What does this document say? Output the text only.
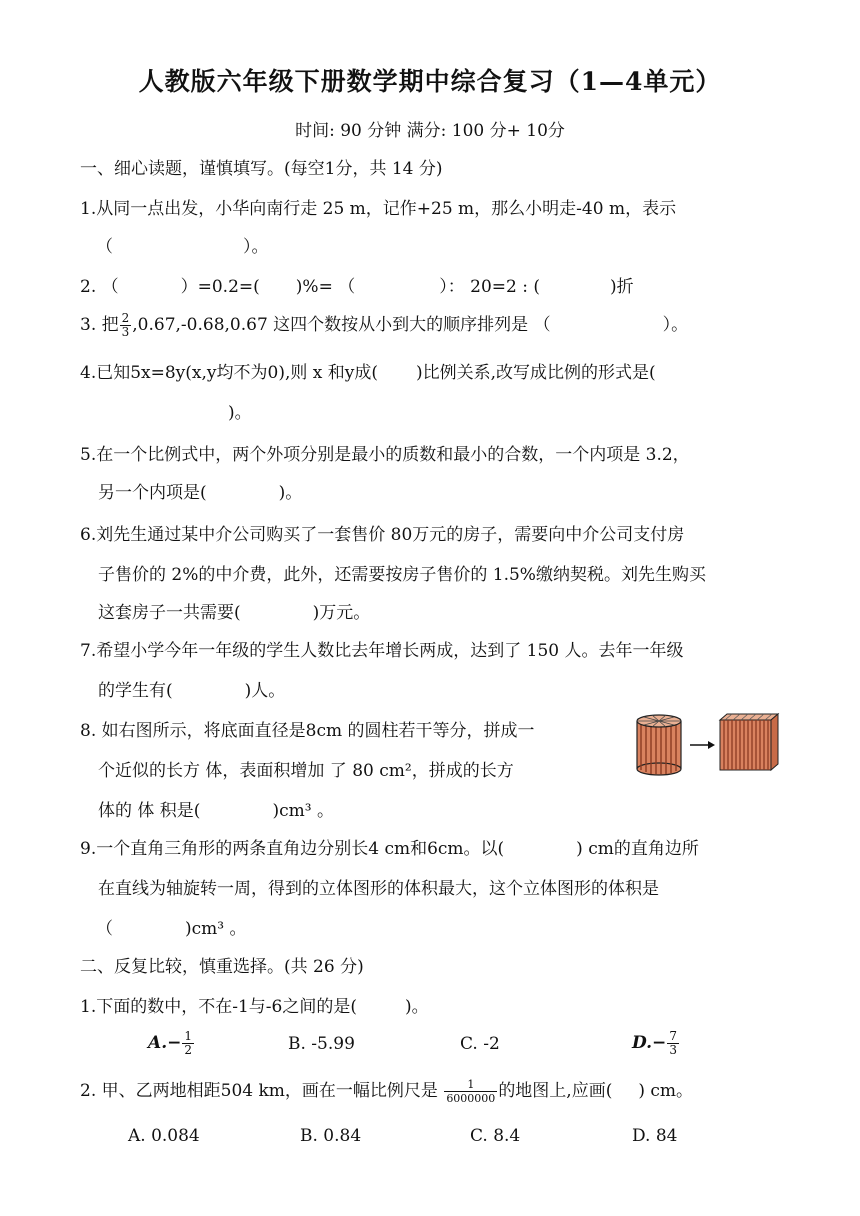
人教版六年级下册数学期中综合复习（1—4单元）
时间: 90 分钟 满分: 100 分+ 10分
一、细心读题，谨慎填写。(每空1分，共 14 分)
1.从同一点出发，小华向南行走 25 m，记作+25 m，那么小明走-40 m，表示
（	）。
2. （	）=0.2=( )%= （	）： 20=2 : (	)折
3. 把 $\frac{2}{3} ,0.67,-0.68,0.67$ 这四个数按从小到大的顺序排列是 （	）。
4.已知5x=8y(x,y均不为0),则 x 和y成( )比例关系,改写成比例的形式是(
)。
5.在一个比例式中，两个外项分别是最小的质数和最小的合数，一个内项是 3.2，
另一个内项是(	)。
6.刘先生通过某中介公司购买了一套售价 80万元的房子，需要向中介公司支付房
子售价的 2%的中介费，此外，还需要按房子售价的 1.5%缴纳契税。刘先生购买
这套房子一共需要(	)万元。
7.希望小学今年一年级的学生人数比去年增长两成，达到了 150 人。去年一年级
的学生有(	)人。
8. 如右图所示，将底面直径是8cm 的圆柱若干等分，拼成一
个近似的长方 体，表面积增加 了 80 cm²，拼成的长方
体的 体 积是(	)cm³ 。
9.一个直角三角形的两条直角边分别长4 cm和6cm。以(	) cm的直角边所
在直线为轴旋转一周，得到的立体图形的体积最大，这个立体图形的体积是
（	)cm³ 。
二、反复比较，慎重选择。(共 26 分)
1.下面的数中，不在-1与-6之间的是(	)。
$A.- \frac{1}{2}$	B. -5.99	C. -2	$D.- \frac{7}{3}$
2. 甲、乙两地相距504 km，画在一幅比例尺是 $\frac{1}{6000000}$ 的地图上,应画( ) cm。
A. 0.084	B. 0.84	C. 8.4	D. 84
